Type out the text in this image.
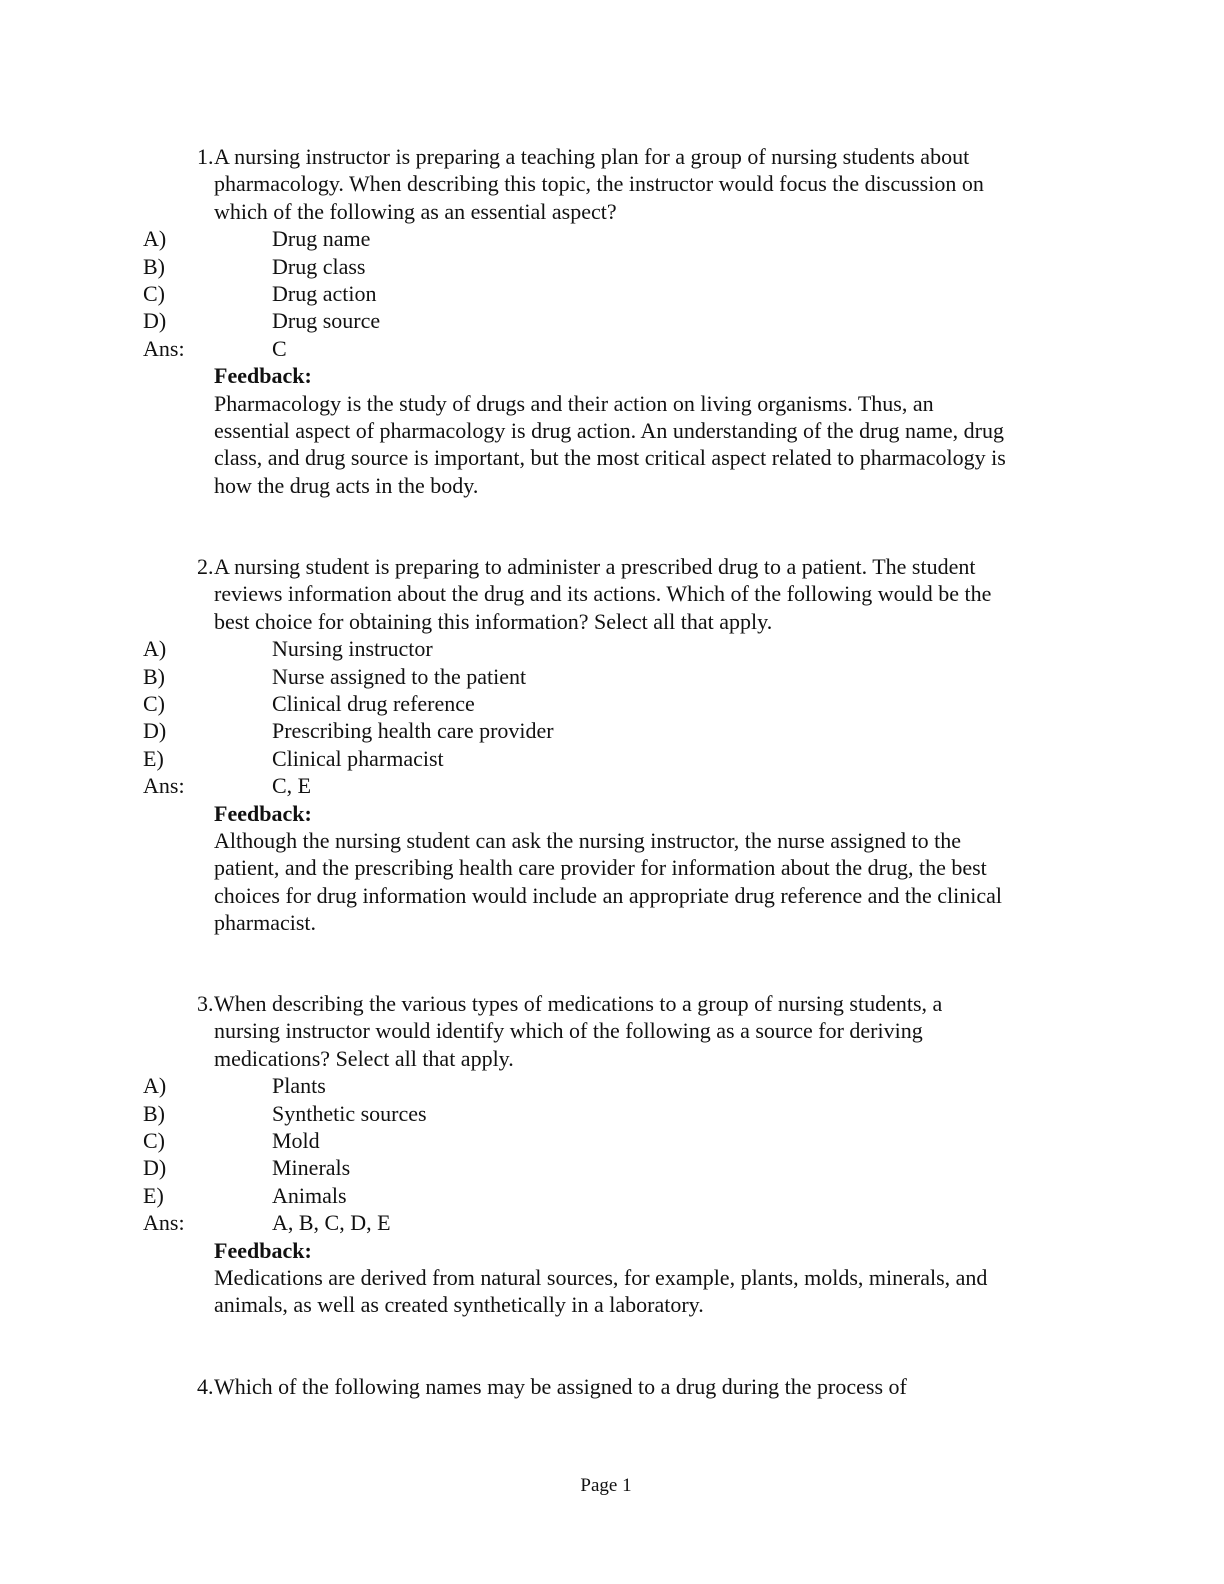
1. A nursing instructor is preparing a teaching plan for a group of nursing students about
pharmacology. When describing this topic, the instructor would focus the discussion on
which of the following as an essential aspect?
A)	Drug name
B)	Drug class
C)	Drug action
D)	Drug source
Ans:	C
Feedback:
Pharmacology is the study of drugs and their action on living organisms. Thus, an
essential aspect of pharmacology is drug action. An understanding of the drug name, drug
class, and drug source is important, but the most critical aspect related to pharmacology is
how the drug acts in the body.
2. A nursing student is preparing to administer a prescribed drug to a patient. The student
reviews information about the drug and its actions. Which of the following would be the
best choice for obtaining this information? Select all that apply.
A)	Nursing instructor
B)	Nurse assigned to the patient
C)	Clinical drug reference
D)	Prescribing health care provider
E)	Clinical pharmacist
Ans:	C, E
Feedback:
Although the nursing student can ask the nursing instructor, the nurse assigned to the
patient, and the prescribing health care provider for information about the drug, the best
choices for drug information would include an appropriate drug reference and the clinical
pharmacist.
3. When describing the various types of medications to a group of nursing students, a
nursing instructor would identify which of the following as a source for deriving
medications? Select all that apply.
A)	Plants
B)	Synthetic sources
C)	Mold
D)	Minerals
E)	Animals
Ans:	A, B, C, D, E
Feedback:
Medications are derived from natural sources, for example, plants, molds, minerals, and
animals, as well as created synthetically in a laboratory.
4. Which of the following names may be assigned to a drug during the process of
Page 1
